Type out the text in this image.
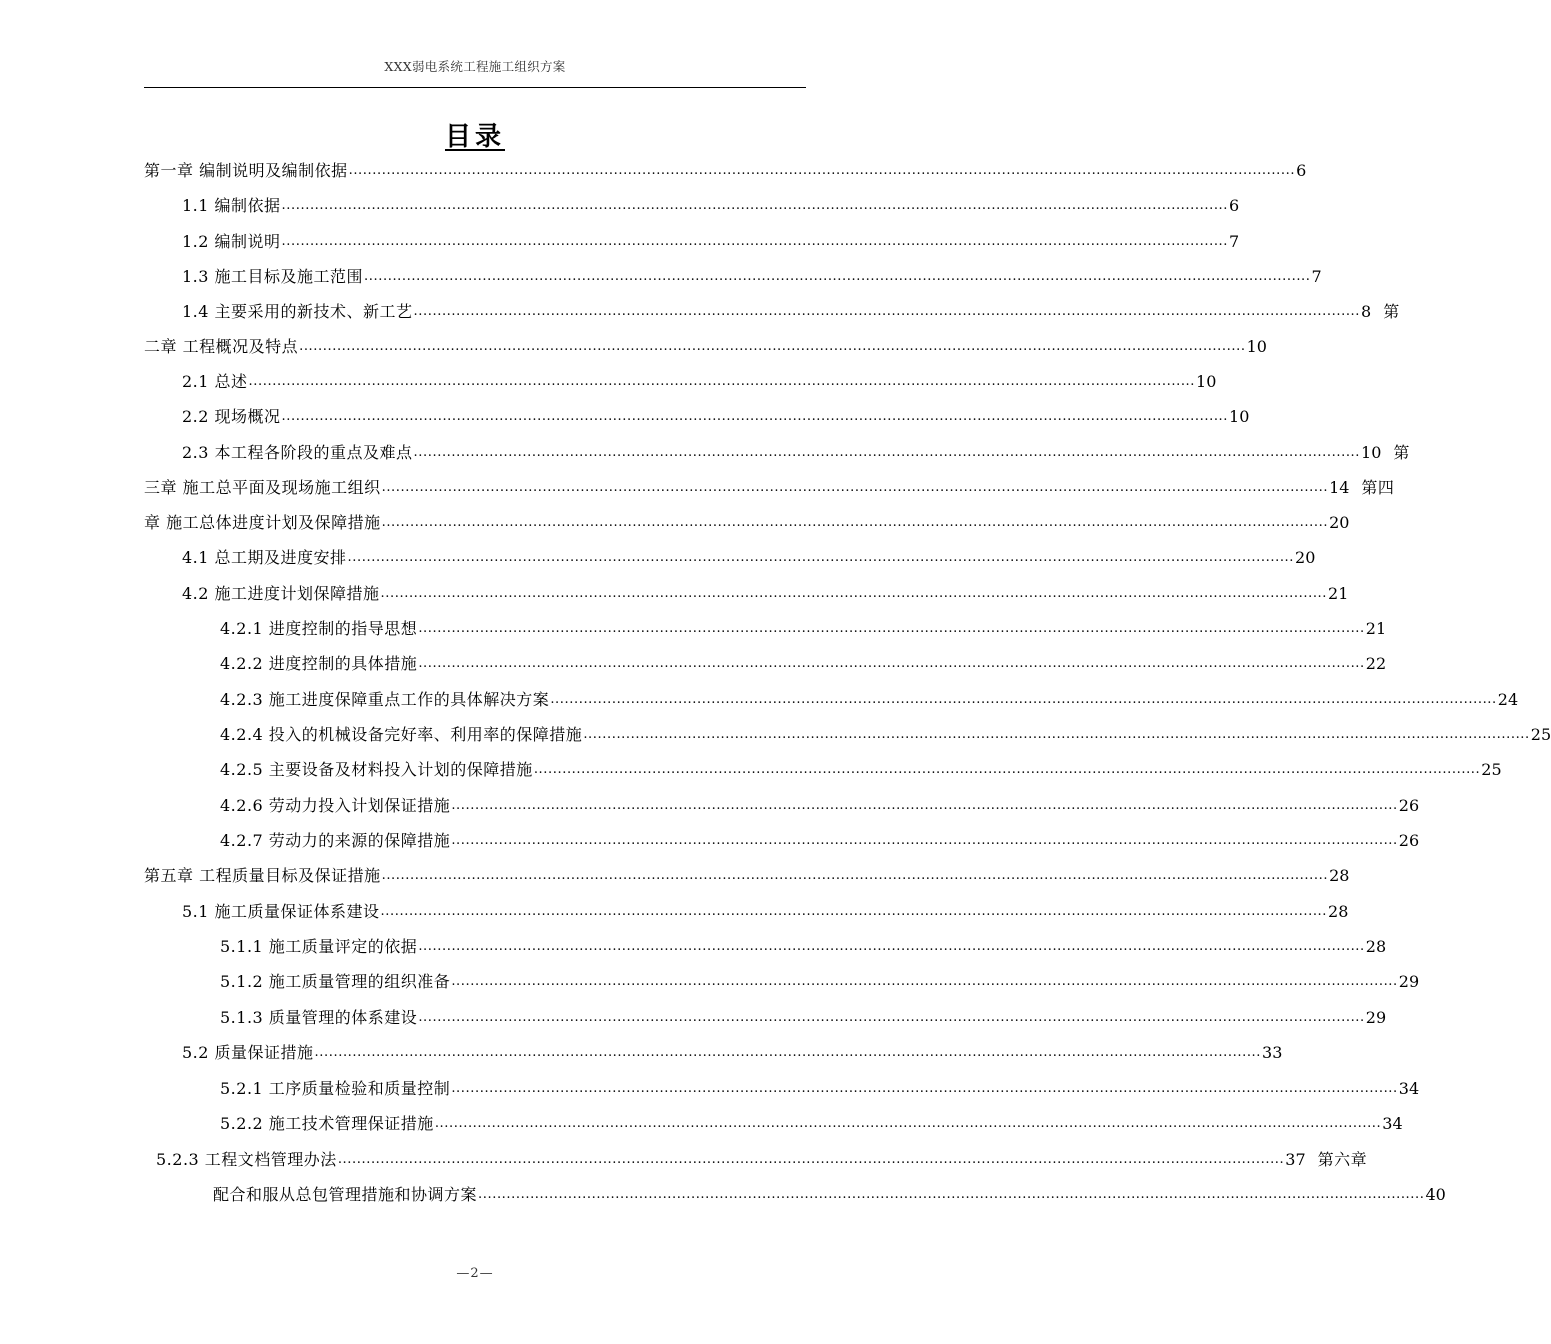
XXX弱电系统工程施工组织方案
目录
第一章 编制说明及编制依据 ........................................................................................................................................................................................................ 6
1.1 编制依据 ........................................................................................................................................................................................................ 6
1.2 编制说明 ........................................................................................................................................................................................................ 7
1.3 施工目标及施工范围 ........................................................................................................................................................................................................ 7
1.4 主要采用的新技术、新工艺 ........................................................................................................................................................................................................ 8 第
二章 工程概况及特点 ........................................................................................................................................................................................................ 10
2.1 总述 ........................................................................................................................................................................................................ 10
2.2 现场概况 ........................................................................................................................................................................................................ 10
2.3 本工程各阶段的重点及难点 ........................................................................................................................................................................................................ 10 第
三章 施工总平面及现场施工组织 ........................................................................................................................................................................................................ 14 第四
章 施工总体进度计划及保障措施 ........................................................................................................................................................................................................ 20
4.1 总工期及进度安排 ........................................................................................................................................................................................................ 20
4.2 施工进度计划保障措施 ........................................................................................................................................................................................................ 21
4.2.1 进度控制的指导思想 ........................................................................................................................................................................................................ 21
4.2.2 进度控制的具体措施 ........................................................................................................................................................................................................ 22
4.2.3 施工进度保障重点工作的具体解决方案 ........................................................................................................................................................................................................ 24
4.2.4 投入的机械设备完好率、利用率的保障措施 ........................................................................................................................................................................................................ 25
4.2.5 主要设备及材料投入计划的保障措施 ........................................................................................................................................................................................................ 25
4.2.6 劳动力投入计划保证措施 ........................................................................................................................................................................................................ 26
4.2.7 劳动力的来源的保障措施 ........................................................................................................................................................................................................ 26
第五章 工程质量目标及保证措施 ........................................................................................................................................................................................................ 28
5.1 施工质量保证体系建设 ........................................................................................................................................................................................................ 28
5.1.1 施工质量评定的依据 ........................................................................................................................................................................................................ 28
5.1.2 施工质量管理的组织准备 ........................................................................................................................................................................................................ 29
5.1.3 质量管理的体系建设 ........................................................................................................................................................................................................ 29
5.2 质量保证措施 ........................................................................................................................................................................................................ 33
5.2.1 工序质量检验和质量控制 ........................................................................................................................................................................................................ 34
5.2.2 施工技术管理保证措施 ........................................................................................................................................................................................................ 34
5.2.3 工程文档管理办法 ........................................................................................................................................................................................................ 37 第六章
配合和服从总包管理措施和协调方案 ........................................................................................................................................................................................................ 40
—2—
